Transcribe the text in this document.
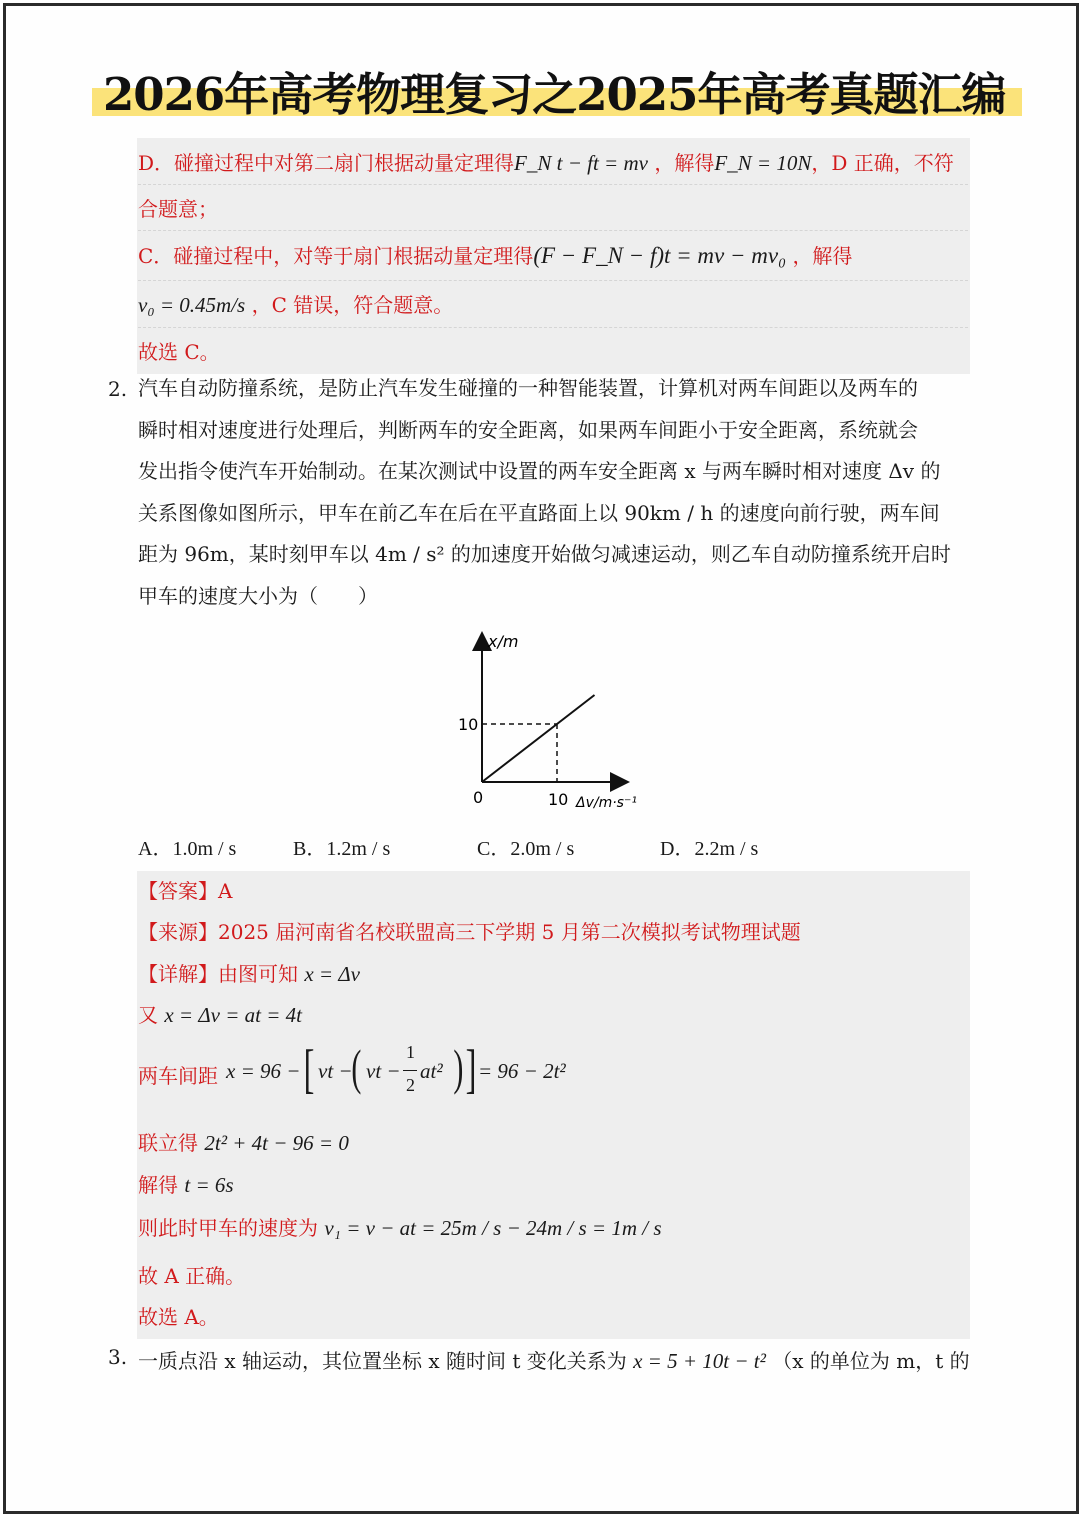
2026年高考物理复习之2025年高考真题汇编
D．碰撞过程中对第二扇门根据动量定理得F_N t − ft = mv ，解得F_N = 10N，D 正确，不符
合题意；
C．碰撞过程中，对等于扇门根据动量定理得(F − F_N − f)t = mv − mv₀ ，解得
v₀ = 0.45m/s ，C 错误，符合题意。
故选 C。
2. 汽车自动防撞系统，是防止汽车发生碰撞的一种智能装置，计算机对两车间距以及两车的
瞬时相对速度进行处理后，判断两车的安全距离，如果两车间距小于安全距离，系统就会
发出指令使汽车开始制动。在某次测试中设置的两车安全距离 x 与两车瞬时相对速度 Δv 的
关系图像如图所示，甲车在前乙车在后在平直路面上以 90km / h 的速度向前行驶，两车间
距为 96m，某时刻甲车以 4m / s² 的加速度开始做匀减速运动，则乙车自动防撞系统开启时
甲车的速度大小为（　　）
x/m
10
0	10 Δv/m·s⁻¹
A．1.0m / s	B．1.2m / s	C．2.0m / s	D．2.2m / s
【答案】A
【来源】2025 届河南省名校联盟高三下学期 5 月第二次模拟考试物理试题
【详解】由图可知 x = Δv
又 x = Δv = at = 4t
两车间距 x = 96 − [ vt −
( vt −
1
2
at² ) ] = 96 − 2t²
联立得 2t² + 4t − 96 = 0
解得 t = 6s
则此时甲车的速度为 v₁ = v − at = 25m / s − 24m / s = 1m / s
故 A 正确。
故选 A。
3. 一质点沿 x 轴运动，其位置坐标 x 随时间 t 变化关系为 x = 5 + 10t − t² （x 的单位为 m，t 的
